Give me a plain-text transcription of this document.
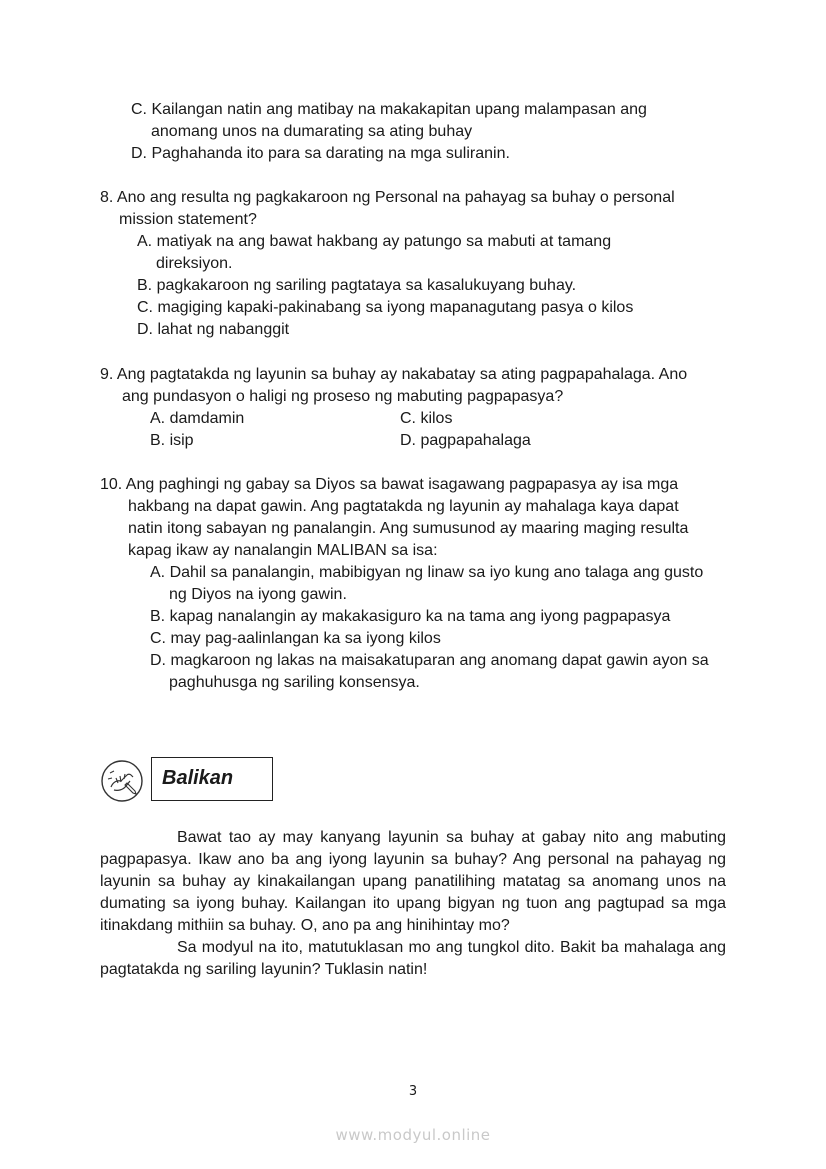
C. Kailangan natin ang matibay na makakapitan upang malampasan ang
anomang unos na dumarating sa ating buhay
D. Paghahanda ito para sa darating na mga suliranin.
8. Ano ang resulta ng pagkakaroon ng Personal na pahayag sa buhay o personal
mission statement?
A. matiyak na ang bawat hakbang ay patungo sa mabuti at tamang
direksiyon.
B. pagkakaroon ng sariling pagtataya sa kasalukuyang buhay.
C. magiging kapaki-pakinabang sa iyong mapanagutang pasya o kilos
D. lahat ng nabanggit
9. Ang pagtatakda ng layunin sa buhay ay nakabatay sa ating pagpapahalaga. Ano
ang pundasyon o haligi ng proseso ng mabuting pagpapasya?
A. damdamin	C. kilos
B. isip	D. pagpapahalaga
10. Ang paghingi ng gabay sa Diyos sa bawat isagawang pagpapasya ay isa mga
hakbang na dapat gawin. Ang pagtatakda ng layunin ay mahalaga kaya dapat
natin itong sabayan ng panalangin. Ang sumusunod ay maaring maging resulta
kapag ikaw ay nanalangin MALIBAN sa isa:
A. Dahil sa panalangin, mabibigyan ng linaw sa iyo kung ano talaga ang gusto
ng Diyos na iyong gawin.
B. kapag nanalangin ay makakasiguro ka na tama ang iyong pagpapasya
C. may pag-aalinlangan ka sa iyong kilos
D. magkaroon ng lakas na maisakatuparan ang anomang dapat gawin ayon sa
paghuhusga ng sariling konsensya.
Balikan
Bawat tao ay may kanyang layunin sa buhay at gabay nito ang mabuting pagpapasya. Ikaw ano ba ang iyong layunin sa buhay? Ang personal na pahayag ng layunin sa buhay ay kinakailangan upang panatilihing matatag sa anomang unos na dumating sa iyong buhay. Kailangan ito upang bigyan ng tuon ang pagtupad sa mga itinakdang mithiin sa buhay. O, ano pa ang hinihintay mo?
Sa modyul na ito, matutuklasan mo ang tungkol dito. Bakit ba mahalaga ang pagtatakda ng sariling layunin? Tuklasin natin!
3
www.modyul.online
